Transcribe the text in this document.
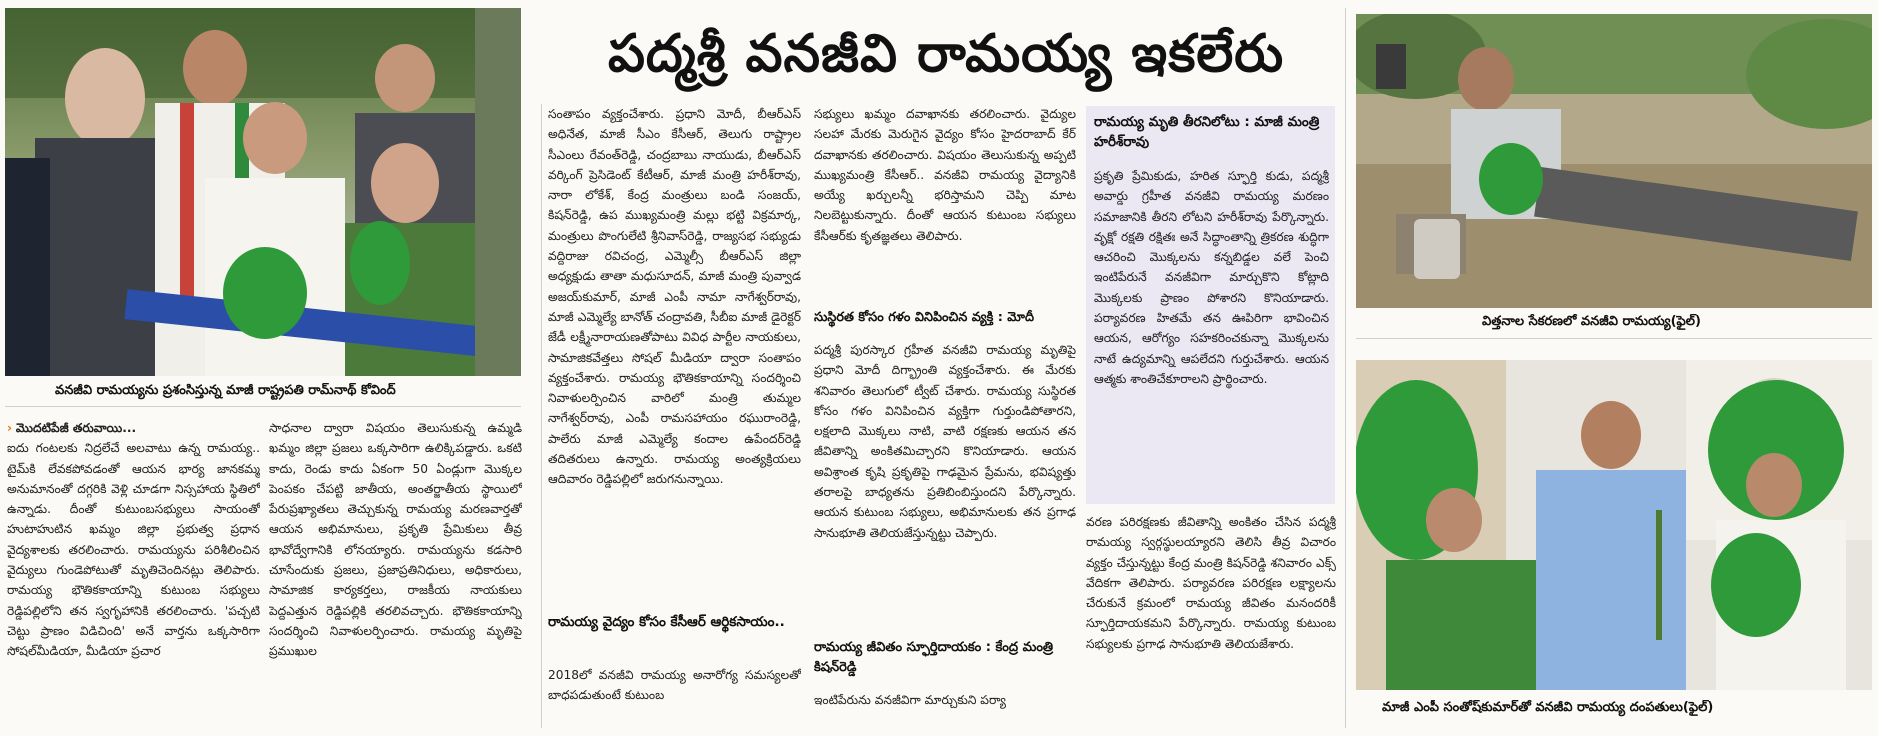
పద్మశ్రీ వనజీవి రామయ్య ఇకలేరు
వనజీవి రామయ్యను ప్రశంసిస్తున్న మాజీ రాష్ట్రపతి రామ్‌నాథ్ కోవింద్

› మొదటిపేజీ తరువాయి...

ఐదు గంటలకు నిద్రలేచే అలవాటు ఉన్న రామయ్య.. టైమ్‌కి లేవకపోవడంతో ఆయన భార్య జానకమ్మ అనుమానంతో దగ్గరికి వెళ్లి చూడగా నిస్సహాయ స్థితిలో ఉన్నాడు. దీంతో కుటుంబసభ్యులు సాయంతో హుటాహుటిన ఖమ్మం జిల్లా ప్రభుత్వ ప్రధాన వైద్యశాలకు తరలించారు. రామయ్యను పరిశీలించిన వైద్యులు గుండెపోటుతో మృతిచెందినట్లు తెలిపారు. రామయ్య భౌతికకాయాన్ని కుటుంబ సభ్యులు రెడ్డిపల్లిలోని తన స్వగృహానికి తరలించారు. 'పచ్చటి చెట్టు ప్రాణం విడిచింది' అనే వార్తను ఒక్కసారిగా సోషల్‌మీడియా, మీడియా ప్రచార

సాధనాల ద్వారా విషయం తెలుసుకున్న ఉమ్మడి ఖమ్మం జిల్లా ప్రజలు ఒక్కసారిగా ఉలిక్కిపడ్డారు. ఒకటి కాదు, రెండు కాదు ఏకంగా 50 ఏండ్లుగా మొక్కల పెంపకం చేపట్టి జాతీయ, అంతర్జాతీయ స్థాయిలో పేరుప్రఖ్యాతలు తెచ్చుకున్న రామయ్య మరణవార్తతో ఆయన అభిమానులు, ప్రకృతి ప్రేమికులు తీవ్ర భావోద్వేగానికి లోనయ్యారు. రామయ్యను కడసారి చూసేందుకు ప్రజలు, ప్రజాప్రతినిధులు, అధికారులు, సామాజిక కార్యకర్తలు, రాజకీయ నాయకులు పెద్దఎత్తున రెడ్డిపల్లికి తరలివచ్చారు. భౌతికకాయాన్ని సందర్శించి నివాళులర్పించారు. రామయ్య మృతిపై ప్రముఖుల

సంతాపం వ్యక్తంచేశారు. ప్రధాని మోదీ, బీఆర్‌ఎస్ అధినేత, మాజీ సీఎం కేసీఆర్, తెలుగు రాష్ట్రాల సీఎంలు రేవంత్‌రెడ్డి, చంద్రబాబు నాయుడు, బీఆర్‌ఎస్ వర్కింగ్ ప్రెసిడెంట్ కేటీఆర్, మాజీ మంత్రి హరీశ్‌రావు, నారా లోకేశ్, కేంద్ర మంత్రులు బండి సంజయ్, కిషన్‌రెడ్డి, ఉప ముఖ్యమంత్రి మల్లు భట్టి విక్రమార్క, మంత్రులు పొంగులేటి శ్రీనివాస్‌రెడ్డి, రాజ్యసభ సభ్యుడు వద్దిరాజు రవిచంద్ర, ఎమ్మెల్సీ బీఆర్‌ఎస్ జిల్లా అధ్యక్షుడు తాతా మధుసూదన్, మాజీ మంత్రి పువ్వాడ అజయ్‌కుమార్, మాజీ ఎంపీ నామా నాగేశ్వర్‌రావు, మాజీ ఎమ్మెల్యే బానోత్ చంద్రావతి, సీబీఐ మాజీ డైరెక్టర్ జేడీ లక్ష్మీనారాయణతోపాటు వివిధ పార్టీల నాయకులు, సామాజికవేత్తలు సోషల్ మీడియా ద్వారా సంతాపం వ్యక్తంచేశారు. రామయ్య భౌతికకాయాన్ని సందర్శించి నివాళులర్పించిన వారిలో మంత్రి తుమ్మల నాగేశ్వర్‌రావు, ఎంపీ రామసహాయం రఘురాంరెడ్డి, పాలేరు మాజీ ఎమ్మెల్యే కందాల ఉపేందర్‌రెడ్డి తదితరులు ఉన్నారు. రామయ్య అంత్యక్రియలు ఆదివారం రెడ్డిపల్లిలో జరుగనున్నాయి.

రామయ్య వైద్యం కోసం కేసీఆర్ ఆర్థికసాయం..

2018లో వనజీవి రామయ్య అనారోగ్య సమస్యలతో బాధపడుతుంటే కుటుంబ

సభ్యులు ఖమ్మం దవాఖానకు తరలించారు. వైద్యుల సలహా మేరకు మెరుగైన వైద్యం కోసం హైదరాబాద్ కేర్ దవాఖానకు తరలించారు. విషయం తెలుసుకున్న అప్పటి ముఖ్యమంత్రి కేసీఆర్.. వనజీవి రామయ్య వైద్యానికి అయ్యే ఖర్చులన్నీ భరిస్తామని చెప్పి మాట నిలబెట్టుకున్నారు. దీంతో ఆయన కుటుంబ సభ్యులు కేసీఆర్‌కు కృతజ్ఞతలు తెలిపారు.

సుస్థిరత కోసం గళం వినిపించిన వ్యక్తి : మోదీ

పద్మశ్రీ పురస్కార గ్రహీత వనజీవి రామయ్య మృతిపై ప్రధాని మోదీ దిగ్భ్రాంతి వ్యక్తంచేశారు. ఈ మేరకు శనివారం తెలుగులో ట్వీట్ చేశారు. రామయ్య సుస్థిరత కోసం గళం వినిపించిన వ్యక్తిగా గుర్తుండిపోతారని, లక్షలాది మొక్కలు నాటి, వాటి రక్షణకు ఆయన తన జీవితాన్ని అంకితమిచ్చారని కొనియాడారు. ఆయన అవిశ్రాంత కృషి ప్రకృతిపై గాఢమైన ప్రేమను, భవిష్యత్తు తరాలపై బాధ్యతను ప్రతిబింబిస్తుందని పేర్కొన్నారు. ఆయన కుటుంబ సభ్యులు, అభిమానులకు తన ప్రగాఢ సానుభూతి తెలియజేస్తున్నట్టు చెప్పారు.

రామయ్య జీవితం స్ఫూర్తిదాయకం : కేంద్ర మంత్రి కిషన్‌రెడ్డి

ఇంటిపేరును వనజీవిగా మార్చుకుని పర్యా

రామయ్య మృతి తీరనిలోటు : మాజీ మంత్రి హరీశ్‌రావు

ప్రకృతి ప్రేమికుడు, హరిత స్ఫూర్తి కుడు, పద్మశ్రీ అవార్డు గ్రహీత వనజీవి రామయ్య మరణం సమాజానికి తీరని లోటని హరీశ్‌రావు పేర్కొన్నారు. వృక్షో రక్షతి రక్షితః అనే సిద్ధాంతాన్ని త్రికరణ శుద్ధిగా ఆచరించి మొక్కలను కన్నబిడ్డల వలే పెంచి ఇంటిపేరునే వనజీవిగా మార్చుకొని కోట్లాది మొక్కలకు ప్రాణం పోశారని కొనియాడారు. పర్యావరణ హితమే తన ఊపిరిగా భావించిన ఆయన, ఆరోగ్యం సహకరించకున్నా మొక్కలను నాటే ఉద్యమాన్ని ఆపలేదని గుర్తుచేశారు. ఆయన ఆత్మకు శాంతిచేకూరాలని ప్రార్థించారు.

వరణ పరిరక్షణకు జీవితాన్ని అంకితం చేసిన పద్మశ్రీ రామయ్య స్వర్గస్థులయ్యారని తెలిసి తీవ్ర విచారం వ్యక్తం చేస్తున్నట్టు కేంద్ర మంత్రి కిషన్‌రెడ్డి శనివారం ఎక్స్ వేదికగా తెలిపారు. పర్యావరణ పరిరక్షణ లక్ష్యాలను చేరుకునే క్రమంలో రామయ్య జీవితం మనందరికీ స్ఫూర్తిదాయకమని పేర్కొన్నారు. రామయ్య కుటుంబ సభ్యులకు ప్రగాఢ సానుభూతి తెలియజేశారు.

విత్తనాల సేకరణలో వనజీవి రామయ్య(ఫైల్)
మాజీ ఎంపీ సంతోష్‌కుమార్‌తో వనజీవి రామయ్య దంపతులు(ఫైల్)
